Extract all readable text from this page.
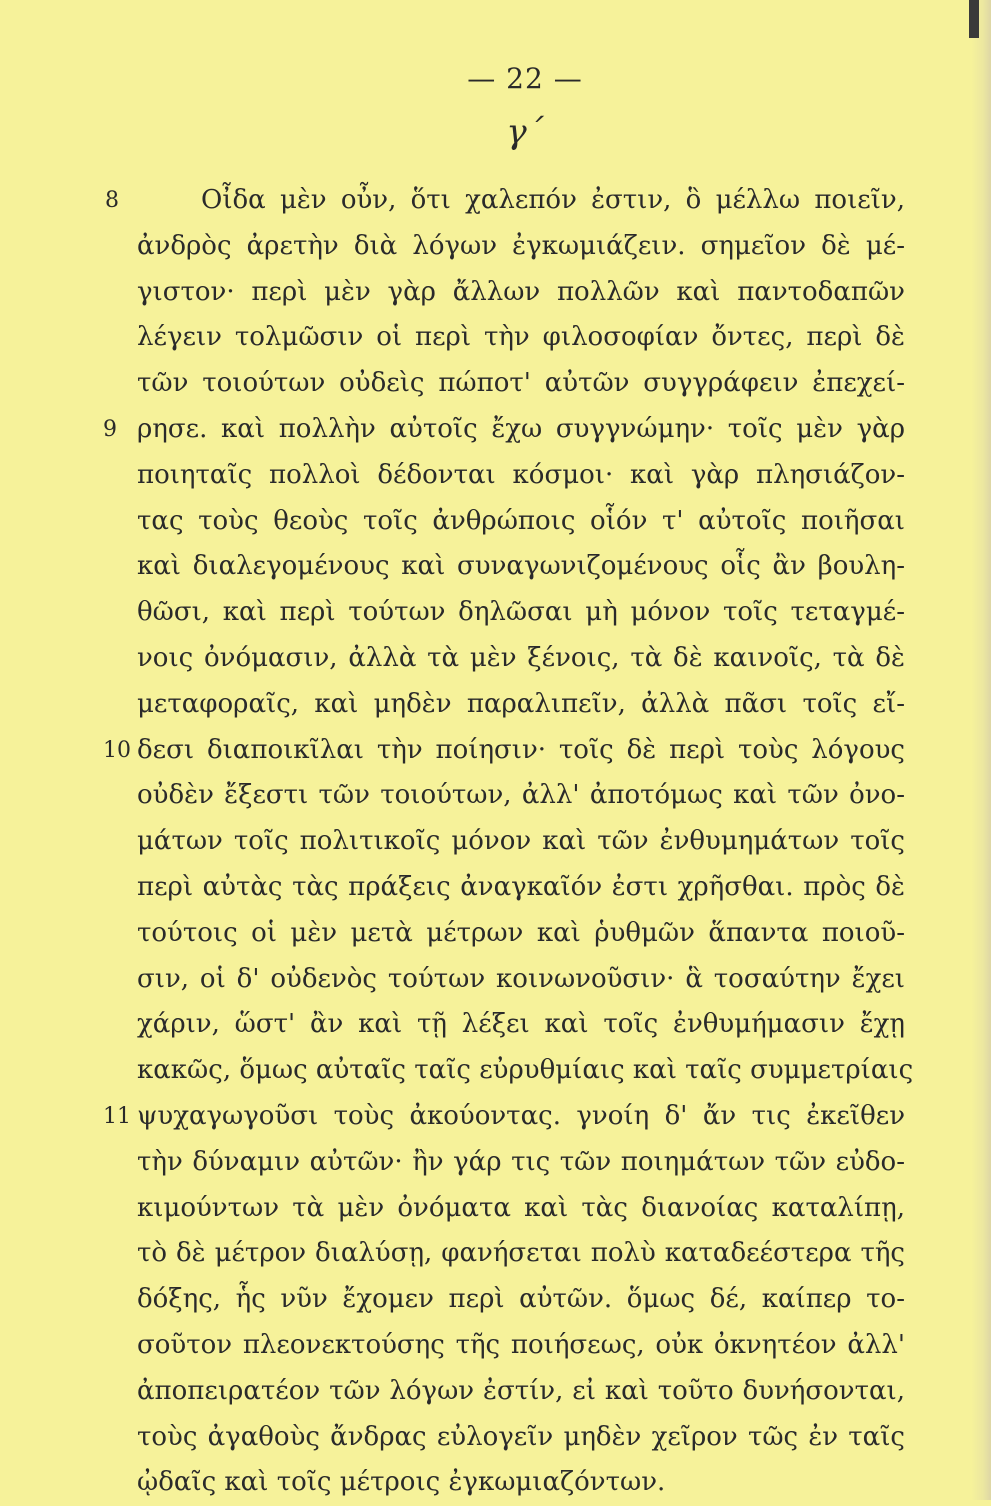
— 22 —
γ΄
8	Οἶδα μὲν οὖν, ὅτι χαλεπόν ἐστιν, ὃ μέλλω ποιεῖν,
ἀνδρὸς ἀρετὴν διὰ λόγων ἐγκωμιάζειν. σημεῖον δὲ μέ-
γιστον· περὶ μὲν γὰρ ἄλλων πολλῶν καὶ παντοδαπῶν
λέγειν τολμῶσιν οἱ περὶ τὴν φιλοσοφίαν ὄντες, περὶ δὲ
τῶν τοιούτων οὐδεὶς πώποτ' αὐτῶν συγγράφειν ἐπεχεί-
9 ρησε. καὶ πολλὴν αὐτοῖς ἔχω συγγνώμην· τοῖς μὲν γὰρ
ποιηταῖς πολλοὶ δέδονται κόσμοι· καὶ γὰρ πλησιάζον-
τας τοὺς θεοὺς τοῖς ἀνθρώποις οἷόν τ' αὐτοῖς ποιῆσαι
καὶ διαλεγομένους καὶ συναγωνιζομένους οἷς ἂν βουλη-
θῶσι, καὶ περὶ τούτων δηλῶσαι μὴ μόνον τοῖς τεταγμέ-
νοις ὀνόμασιν, ἀλλὰ τὰ μὲν ξένοις, τὰ δὲ καινοῖς, τὰ δὲ
μεταφοραῖς, καὶ μηδὲν παραλιπεῖν, ἀλλὰ πᾶσι τοῖς εἴ-
10 δεσι διαποικῖλαι τὴν ποίησιν· τοῖς δὲ περὶ τοὺς λόγους
οὐδὲν ἔξεστι τῶν τοιούτων, ἀλλ' ἀποτόμως καὶ τῶν ὀνο-
μάτων τοῖς πολιτικοῖς μόνον καὶ τῶν ἐνθυμημάτων τοῖς
περὶ αὐτὰς τὰς πράξεις ἀναγκαῖόν ἐστι χρῆσθαι. πρὸς δὲ
τούτοις οἱ μὲν μετὰ μέτρων καὶ ῥυθμῶν ἅπαντα ποιοῦ-
σιν, οἱ δ' οὐδενὸς τούτων κοινωνοῦσιν· ἃ τοσαύτην ἔχει
χάριν, ὥστ' ἂν καὶ τῇ λέξει καὶ τοῖς ἐνθυμήμασιν ἔχῃ
κακῶς, ὅμως αὐταῖς ταῖς εὐρυθμίαις καὶ ταῖς συμμετρίαις
11 ψυχαγωγοῦσι τοὺς ἀκούοντας. γνοίη δ' ἄν τις ἐκεῖθεν
τὴν δύναμιν αὐτῶν· ἢν γάρ τις τῶν ποιημάτων τῶν εὐδο-
κιμούντων τὰ μὲν ὀνόματα καὶ τὰς διανοίας καταλίπῃ,
τὸ δὲ μέτρον διαλύσῃ, φανήσεται πολὺ καταδεέστερα τῆς
δόξης, ἧς νῦν ἔχομεν περὶ αὐτῶν. ὅμως δέ, καίπερ το-
σοῦτον πλεονεκτούσης τῆς ποιήσεως, οὐκ ὀκνητέον ἀλλ'
ἀποπειρατέον τῶν λόγων ἐστίν, εἰ καὶ τοῦτο δυνήσονται,
τοὺς ἀγαθοὺς ἄνδρας εὐλογεῖν μηδὲν χεῖρον τῶς ἐν ταῖς
ᾠδαῖς καὶ τοῖς μέτροις ἐγκωμιαζόντων.
